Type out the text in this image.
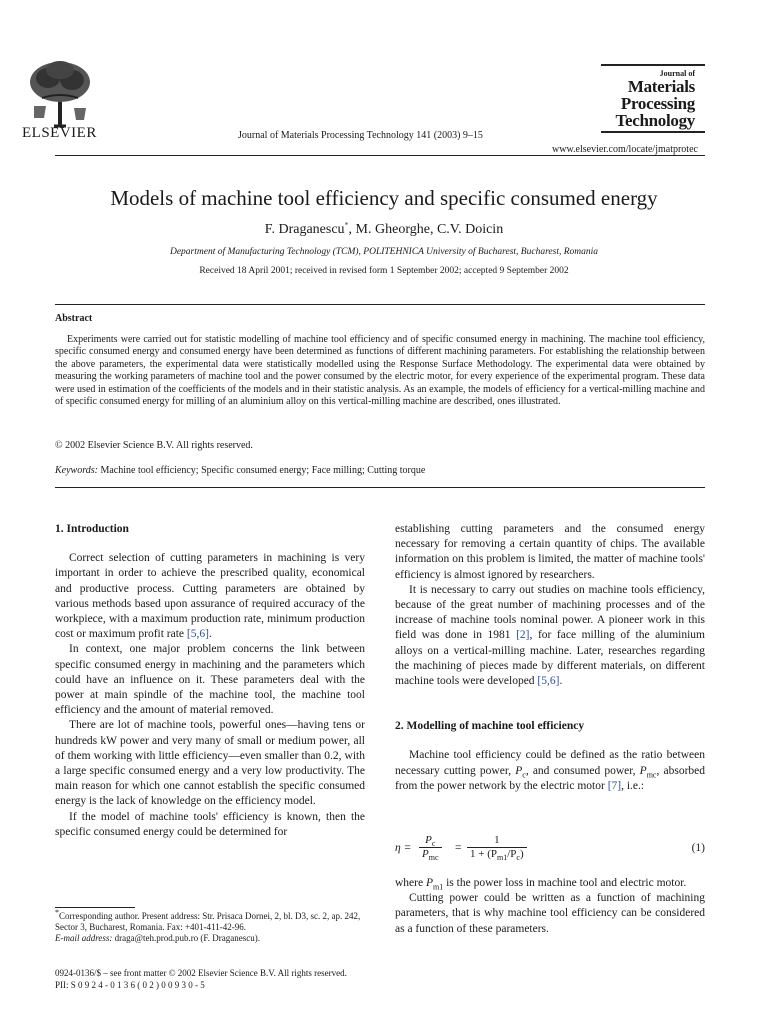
ELSEVIER	Journal of Materials Processing Technology 141 (2003) 9–15
Journal of
Materials
Processing
Technology
www.elsevier.com/locate/jmatprotec
Models of machine tool efficiency and specific consumed energy
F. Draganescu*, M. Gheorghe, C.V. Doicin
Department of Manufacturing Technology (TCM), POLITEHNICA University of Bucharest, Bucharest, Romania
Received 18 April 2001; received in revised form 1 September 2002; accepted 9 September 2002
Abstract
Experiments were carried out for statistic modelling of machine tool efficiency and of specific consumed energy in machining. The machine tool efficiency, specific consumed energy and consumed energy have been determined as functions of different machining parameters. For establishing the relationship between the above parameters, the experimental data were statistically modelled using the Response Surface Methodology. The experimental data were obtained by measuring the working parameters of machine tool and the power consumed by the electric motor, for every experience of the experimental program. These data were used in estimation of the coefficients of the models and in their statistic analysis. As an example, the models of efficiency for a vertical-milling machine and of specific consumed energy for milling of an aluminium alloy on this vertical-milling machine are described, ones illustrated.
© 2002 Elsevier Science B.V. All rights reserved.
Keywords: Machine tool efficiency; Specific consumed energy; Face milling; Cutting torque
1. Introduction

Correct selection of cutting parameters in machining is very important in order to achieve the prescribed quality, economical and productive process. Cutting parameters are obtained by various methods based upon assurance of required accuracy of the workpiece, with a maximum production rate, minimum production cost or maximum profit rate [5,6].

In context, one major problem concerns the link between specific consumed energy in machining and the parameters which could have an influence on it. These parameters deal with the power at main spindle of the machine tool, the machine tool efficiency and the amount of material removed.

There are lot of machine tools, powerful ones—having tens or hundreds kW power and very many of small or medium power, all of them working with little efficiency—even smaller than 0.2, with a large specific consumed energy and a very low productivity. The main reason for which one cannot establish the specific consumed energy is the lack of knowledge on the efficiency model.

If the model of machine tools' efficiency is known, then the specific consumed energy could be determined for

*Corresponding author. Present address: Str. Prisaca Dornei, 2, bl. D3, sc. 2, ap. 242, Sector 3, Bucharest, Romania. Fax: +401-411-42-96.
E-mail address: draga@teh.prod.pub.ro (F. Draganescu).

establishing cutting parameters and the consumed energy necessary for removing a certain quantity of chips. The available information on this problem is limited, the matter of machine tools' efficiency is almost ignored by researchers.

It is necessary to carry out studies on machine tools efficiency, because of the great number of machining processes and of the increase of machine tools nominal power. A pioneer work in this field was done in 1981 [2], for face milling of the aluminium alloys on a vertical-milling machine. Later, researches regarding the machining of pieces made by different materials, on different machine tools were developed [5,6].

2. Modelling of machine tool efficiency

Machine tool efficiency could be defined as the ratio between necessary cutting power, $P_c$, and consumed power, $P_{mc}$, absorbed from the power network by the electric motor [7], i.e.:

η =
$P_c$
$P_{mc}$
=
1
$1 + (P_{m1}/P_c)$	(1)

where $P_{m1}$ is the power loss in machine tool and electric motor.

Cutting power could be written as a function of machining parameters, that is why machine tool efficiency can be considered as a function of these parameters.

0924-0136/$ – see front matter © 2002 Elsevier Science B.V. All rights reserved.
PII: S 0 9 2 4 - 0 1 3 6 ( 0 2 ) 0 0 9 3 0 - 5
